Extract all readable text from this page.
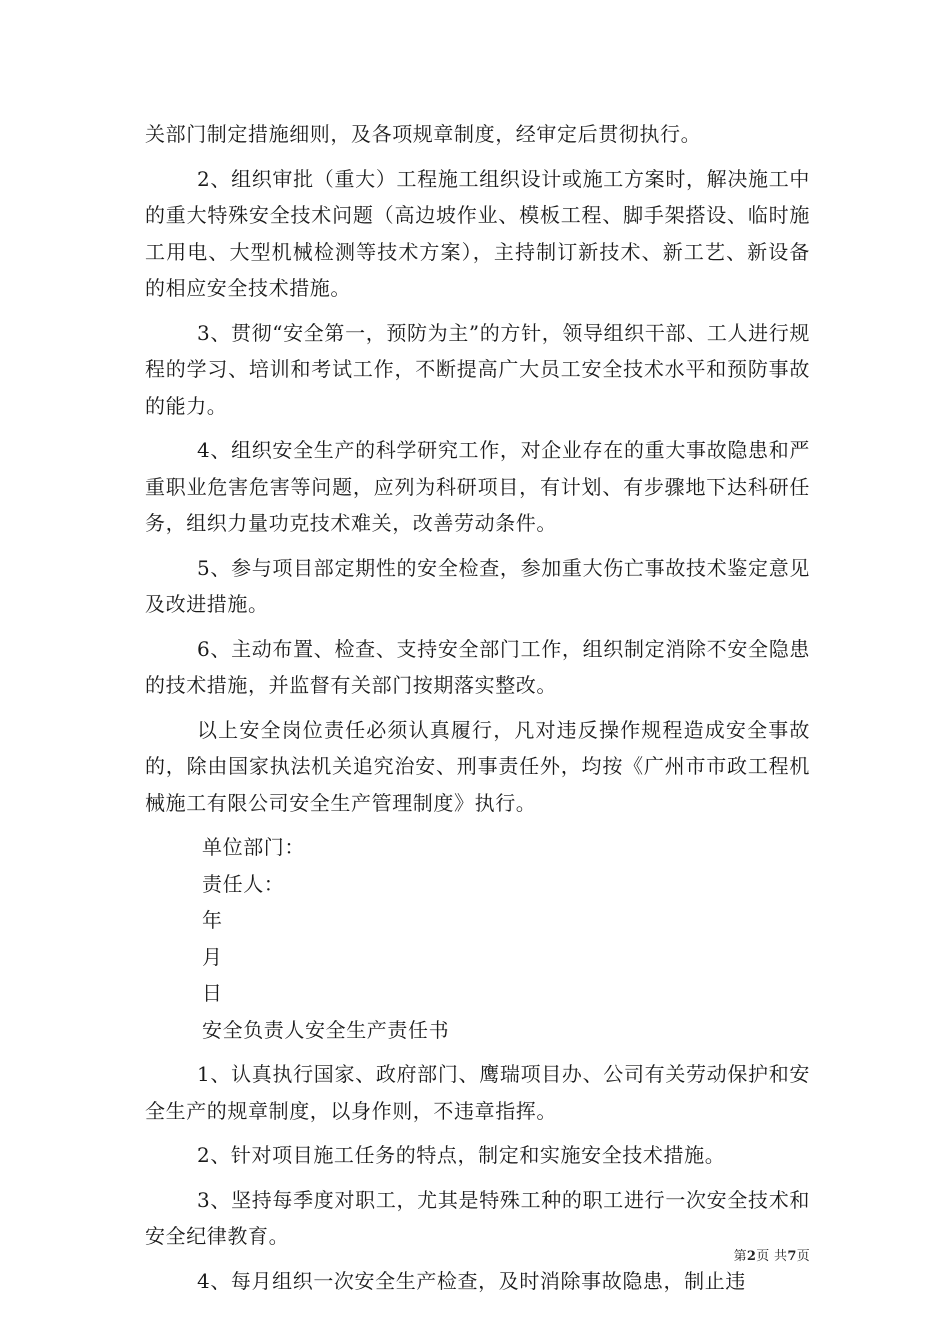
关部门制定措施细则，及各项规章制度，经审定后贯彻执行。

2、组织审批（重大）工程施工组织设计或施工方案时，解决施工中的重大特殊安全技术问题（高边坡作业、模板工程、脚手架搭设、临时施工用电、大型机械检测等技术方案），主持制订新技术、新工艺、新设备的相应安全技术措施。

3、贯彻“安全第一，预防为主”的方针，领导组织干部、工人进行规程的学习、培训和考试工作，不断提高广大员工安全技术水平和预防事故的能力。

4、组织安全生产的科学研究工作，对企业存在的重大事故隐患和严重职业危害危害等问题，应列为科研项目，有计划、有步骤地下达科研任务，组织力量功克技术难关，改善劳动条件。

5、参与项目部定期性的安全检查，参加重大伤亡事故技术鉴定意见及改进措施。

6、主动布置、检查、支持安全部门工作，组织制定消除不安全隐患的技术措施，并监督有关部门按期落实整改。

以上安全岗位责任必须认真履行，凡对违反操作规程造成安全事故的，除由国家执法机关追究治安、刑事责任外，均按《广州市市政工程机械施工有限公司安全生产管理制度》执行。

单位部门：

责任人：

年

月

日

安全负责人安全生产责任书

1、认真执行国家、政府部门、鹰瑞项目办、公司有关劳动保护和安全生产的规章制度，以身作则，不违章指挥。

2、针对项目施工任务的特点，制定和实施安全技术措施。

3、坚持每季度对职工，尤其是特殊工种的职工进行一次安全技术和安全纪律教育。

4、每月组织一次安全生产检查，及时消除事故隐患，制止违

第2页 共7页
